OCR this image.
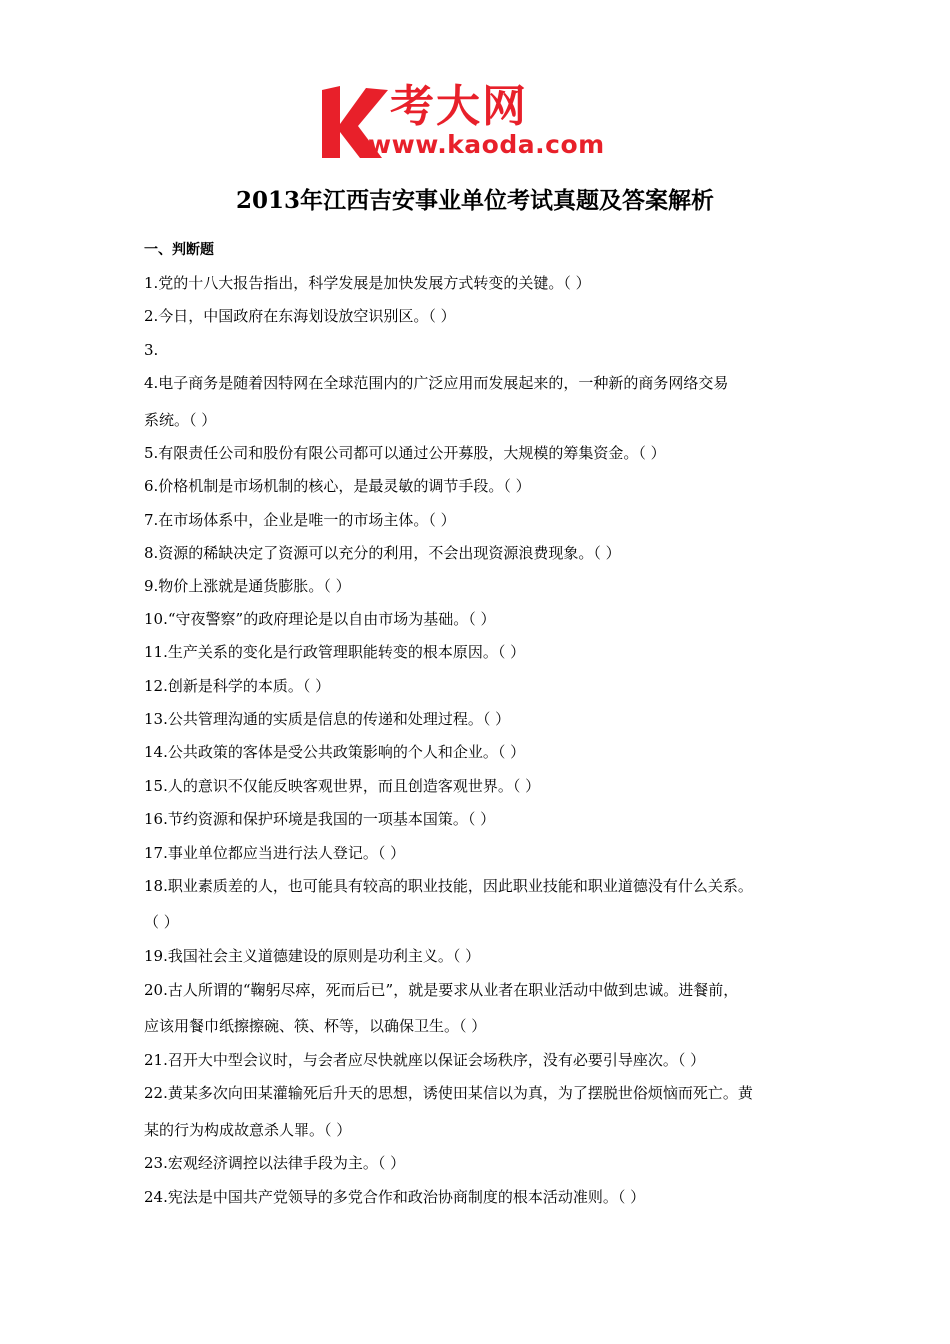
考大网
www.kaoda.com
2013年江西吉安事业单位考试真题及答案解析
一、判断题
1.党的十八大报告指出，科学发展是加快发展方式转变的关键。（ ）
2.今日，中国政府在东海划设放空识别区。（ ）
3.
4.电子商务是随着因特网在全球范围内的广泛应用而发展起来的，一种新的商务网络交易
系统。（ ）
5.有限责任公司和股份有限公司都可以通过公开募股，大规模的筹集资金。（ ）
6.价格机制是市场机制的核心，是最灵敏的调节手段。（ ）
7.在市场体系中，企业是唯一的市场主体。（ ）
8.资源的稀缺决定了资源可以充分的利用，不会出现资源浪费现象。（ ）
9.物价上涨就是通货膨胀。（ ）
10.“守夜警察”的政府理论是以自由市场为基础。（ ）
11.生产关系的变化是行政管理职能转变的根本原因。（ ）
12.创新是科学的本质。（ ）
13.公共管理沟通的实质是信息的传递和处理过程。（ ）
14.公共政策的客体是受公共政策影响的个人和企业。（ ）
15.人的意识不仅能反映客观世界，而且创造客观世界。（ ）
16.节约资源和保护环境是我国的一项基本国策。（ ）
17.事业单位都应当进行法人登记。（ ）
18.职业素质差的人，也可能具有较高的职业技能，因此职业技能和职业道德没有什么关系。
（ ）
19.我国社会主义道德建设的原则是功利主义。（ ）
20.古人所谓的“鞠躬尽瘁，死而后已”，就是要求从业者在职业活动中做到忠诚。进餐前，
应该用餐巾纸擦擦碗、筷、杯等，以确保卫生。（ ）
21.召开大中型会议时，与会者应尽快就座以保证会场秩序，没有必要引导座次。（ ）
22.黄某多次向田某灌输死后升天的思想，诱使田某信以为真，为了摆脱世俗烦恼而死亡。黄
某的行为构成故意杀人罪。（ ）
23.宏观经济调控以法律手段为主。（ ）
24.宪法是中国共产党领导的多党合作和政治协商制度的根本活动准则。（ ）
